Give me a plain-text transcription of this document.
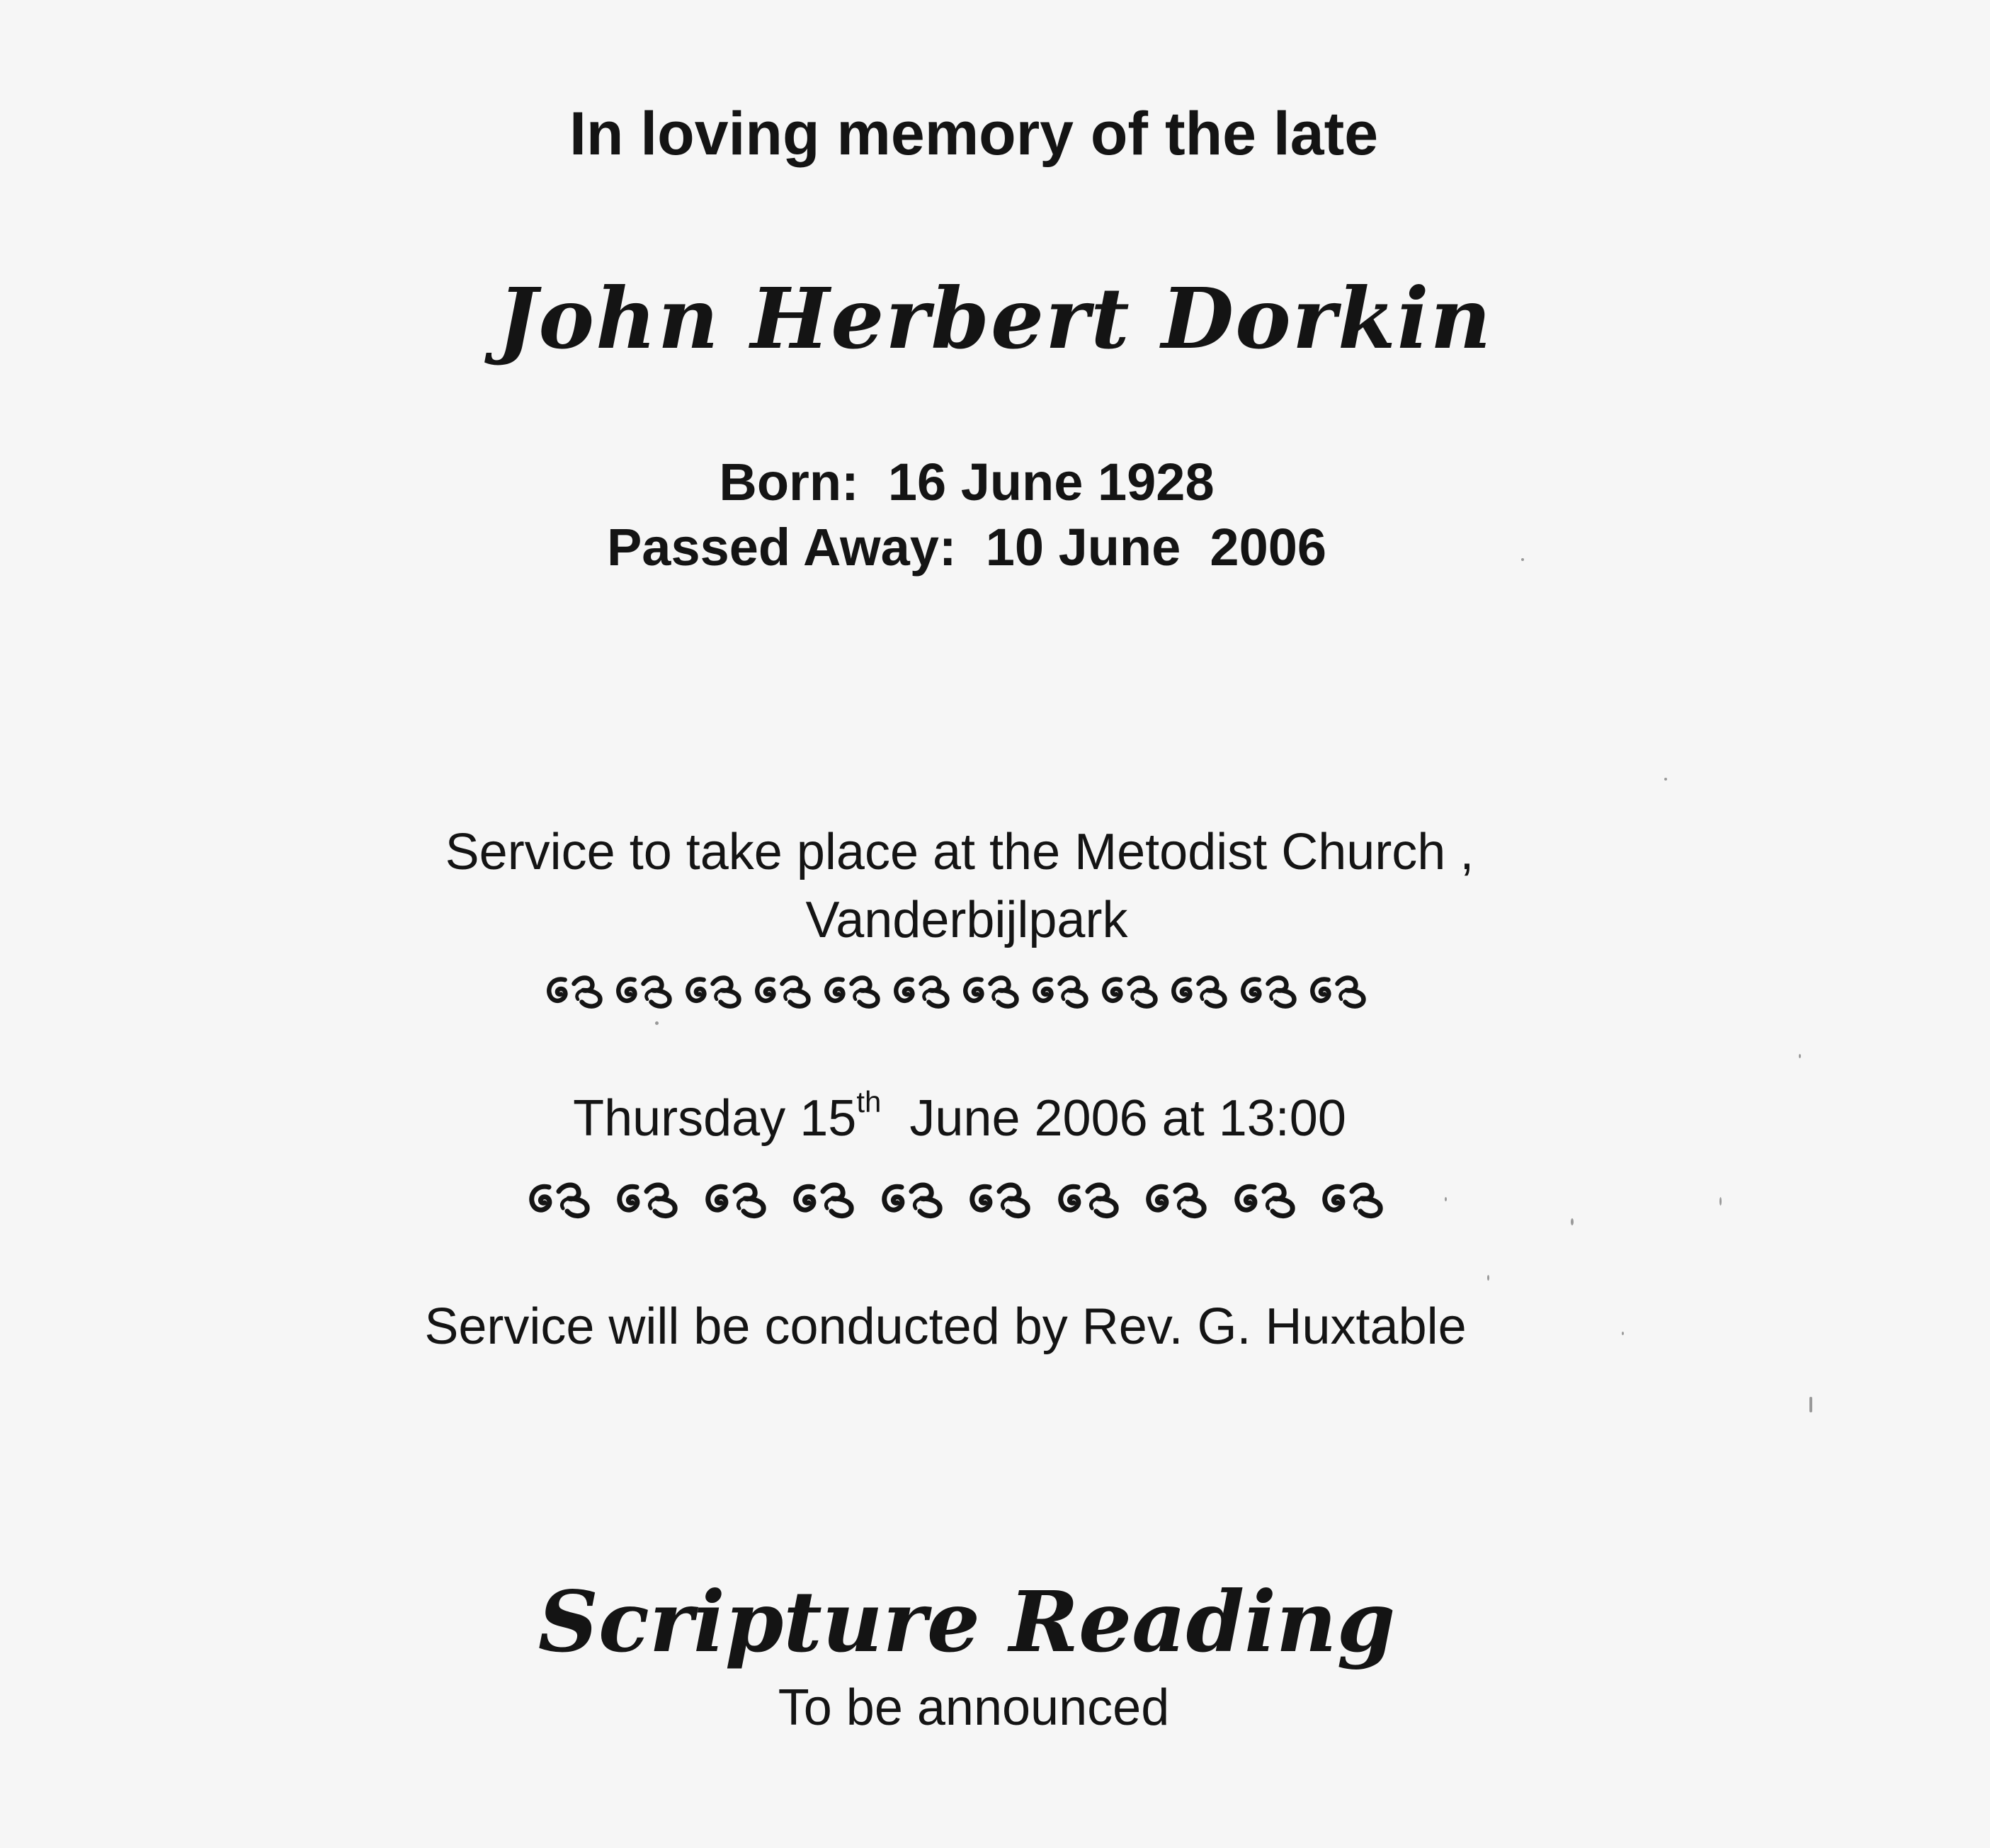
In loving memory of the late
John Herbert Dorkin
Born: 16 June 1928
Passed Away: 10 June  2006
Service to take place at the Metodist Church ,
Vanderbijlpark
Thursday 15th June 2006 at 13:00
Service will be conducted by Rev. G. Huxtable
Scripture Reading
To be announced
